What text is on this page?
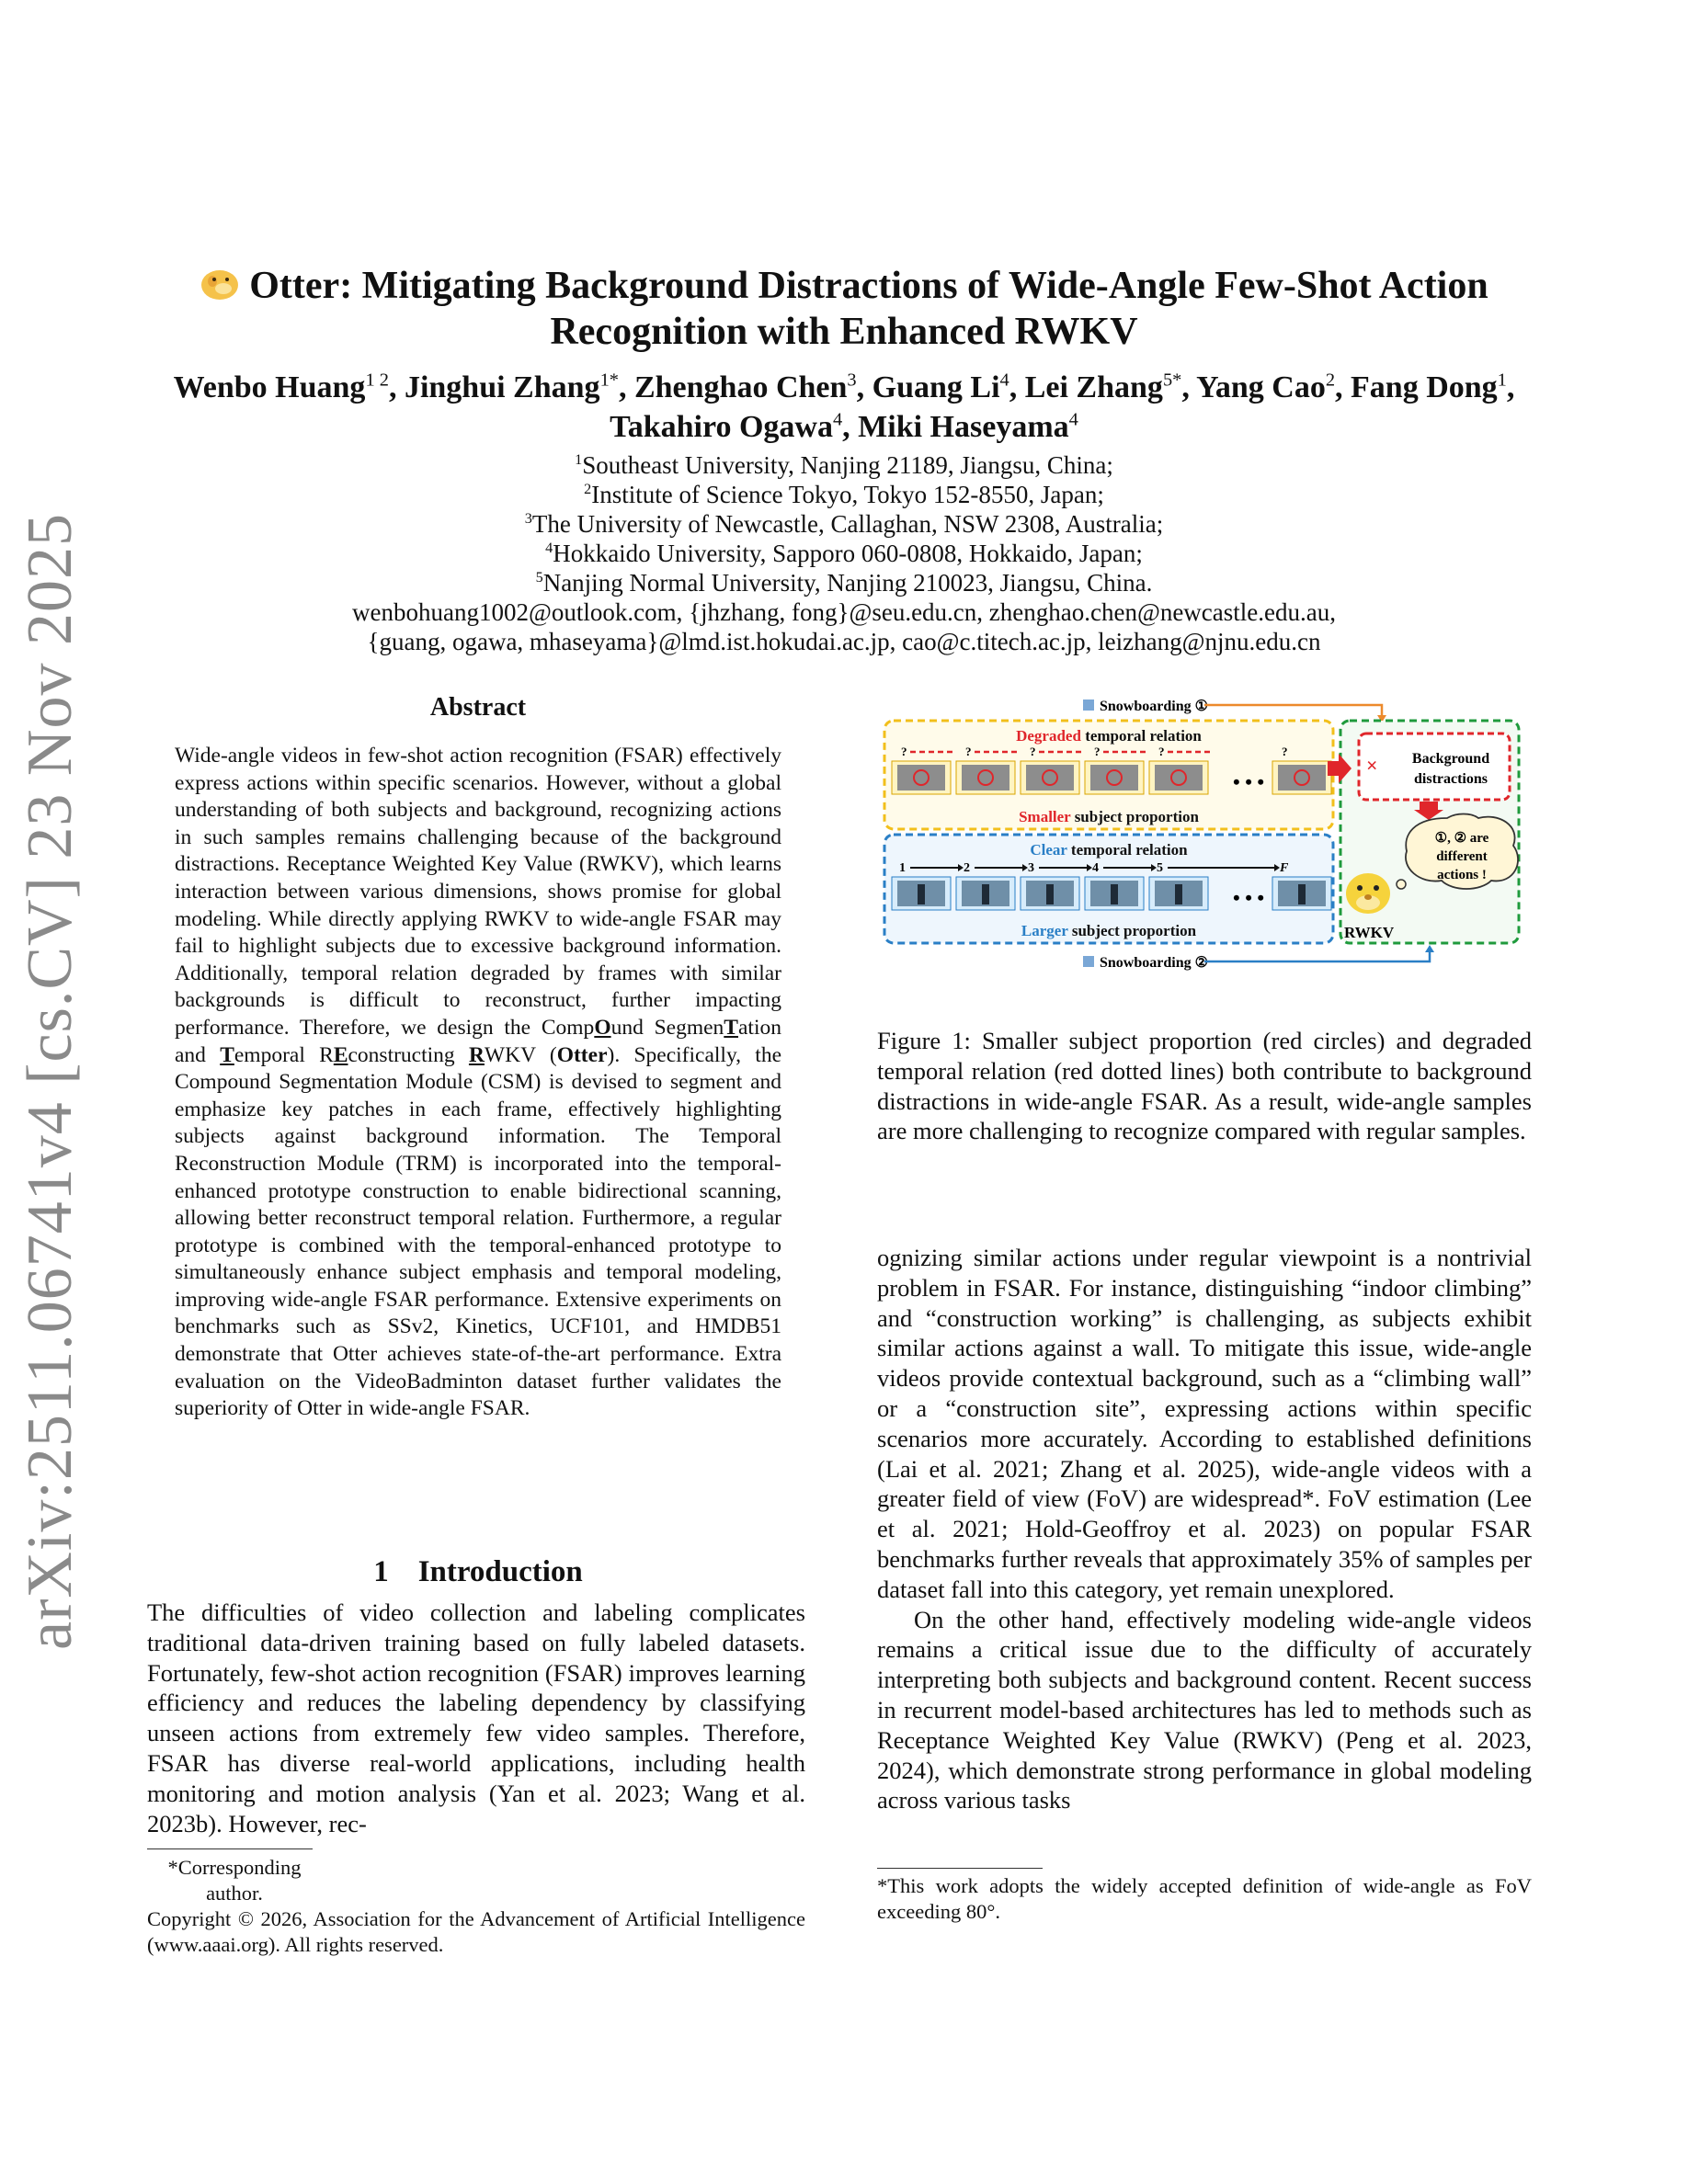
arXiv:2511.06741v4 [cs.CV] 23 Nov 2025
Otter: Mitigating Background Distractions of Wide-Angle Few-Shot Action
Recognition with Enhanced RWKV
Wenbo Huang$^{1 2}$, Jinghui Zhang$^{1*}$, Zhenghao Chen$^3$, Guang Li$^4$, Lei Zhang$^{5*}$, Yang Cao$^2$, Fang Dong$^1$, Takahiro Ogawa$^4$, Miki Haseyama$^4$
$^1$Southeast University, Nanjing 21189, Jiangsu, China;
$^2$Institute of Science Tokyo, Tokyo 152-8550, Japan;
$^3$The University of Newcastle, Callaghan, NSW 2308, Australia;
$^4$Hokkaido University, Sapporo 060-0808, Hokkaido, Japan;
$^5$Nanjing Normal University, Nanjing 210023, Jiangsu, China.
wenbohuang1002@outlook.com, {jhzhang, fong}@seu.edu.cn, zhenghao.chen@newcastle.edu.au,
{guang, ogawa, mhaseyama}@lmd.ist.hokudai.ac.jp, cao@c.titech.ac.jp, leizhang@njnu.edu.cn
Abstract
Wide-angle videos in few-shot action recognition (FSAR) effectively express actions within specific scenarios. However, without a global understanding of both subjects and background, recognizing actions in such samples remains challenging because of the background distractions. Receptance Weighted Key Value (RWKV), which learns interaction between various dimensions, shows promise for global modeling. While directly applying RWKV to wide-angle FSAR may fail to highlight subjects due to excessive background information. Additionally, temporal relation degraded by frames with similar backgrounds is difficult to reconstruct, further impacting performance. Therefore, we design the CompOund SegmenTation and Temporal REconstructing RWKV (Otter). Specifically, the Compound Segmentation Module (CSM) is devised to segment and emphasize key patches in each frame, effectively highlighting subjects against background information. The Temporal Reconstruction Module (TRM) is incorporated into the temporal-enhanced prototype construction to enable bidirectional scanning, allowing better reconstruct temporal relation. Furthermore, a regular prototype is combined with the temporal-enhanced prototype to simultaneously enhance subject emphasis and temporal modeling, improving wide-angle FSAR performance. Extensive experiments on benchmarks such as SSv2, Kinetics, UCF101, and HMDB51 demonstrate that Otter achieves state-of-the-art performance. Extra evaluation on the VideoBadminton dataset further validates the superiority of Otter in wide-angle FSAR.
1 Introduction
The difficulties of video collection and labeling complicates traditional data-driven training based on fully labeled datasets. Fortunately, few-shot action recognition (FSAR) improves learning efficiency and reduces the labeling dependency by classifying unseen actions from extremely few video samples. Therefore, FSAR has diverse real-world applications, including health monitoring and motion analysis (Yan et al. 2023; Wang et al. 2023b). However, rec-
*Corresponding author.
Copyright © 2026, Association for the Advancement of Artificial Intelligence (www.aaai.org). All rights reserved.
Snowboarding ①
Degraded temporal relation
?	?	?	?	?	?
• • •
Smaller subject proportion
Clear temporal relation
1	2	3	4	5	F
• • •
Larger subject proportion
× Background
distractions
①, ② are
different
actions !
RWKV
Snowboarding ②
Figure 1: Smaller subject proportion (red circles) and degraded temporal relation (red dotted lines) both contribute to background distractions in wide-angle FSAR. As a result, wide-angle samples are more challenging to recognize compared with regular samples.

ognizing similar actions under regular viewpoint is a nontrivial problem in FSAR. For instance, distinguishing “indoor climbing” and “construction working” is challenging, as subjects exhibit similar actions against a wall. To mitigate this issue, wide-angle videos provide contextual background, such as a “climbing wall” or a “construction site”, expressing actions within specific scenarios more accurately. According to established definitions (Lai et al. 2021; Zhang et al. 2025), wide-angle videos with a greater field of view (FoV) are widespread*. FoV estimation (Lee et al. 2021; Hold-Geoffroy et al. 2023) on popular FSAR benchmarks further reveals that approximately 35% of samples per dataset fall into this category, yet remain unexplored.

On the other hand, effectively modeling wide-angle videos remains a critical issue due to the difficulty of accurately interpreting both subjects and background content. Recent success in recurrent model-based architectures has led to methods such as Receptance Weighted Key Value (RWKV) (Peng et al. 2023, 2024), which demonstrate strong performance in global modeling across various tasks

*This work adopts the widely accepted definition of wide-angle as FoV exceeding 80°.
